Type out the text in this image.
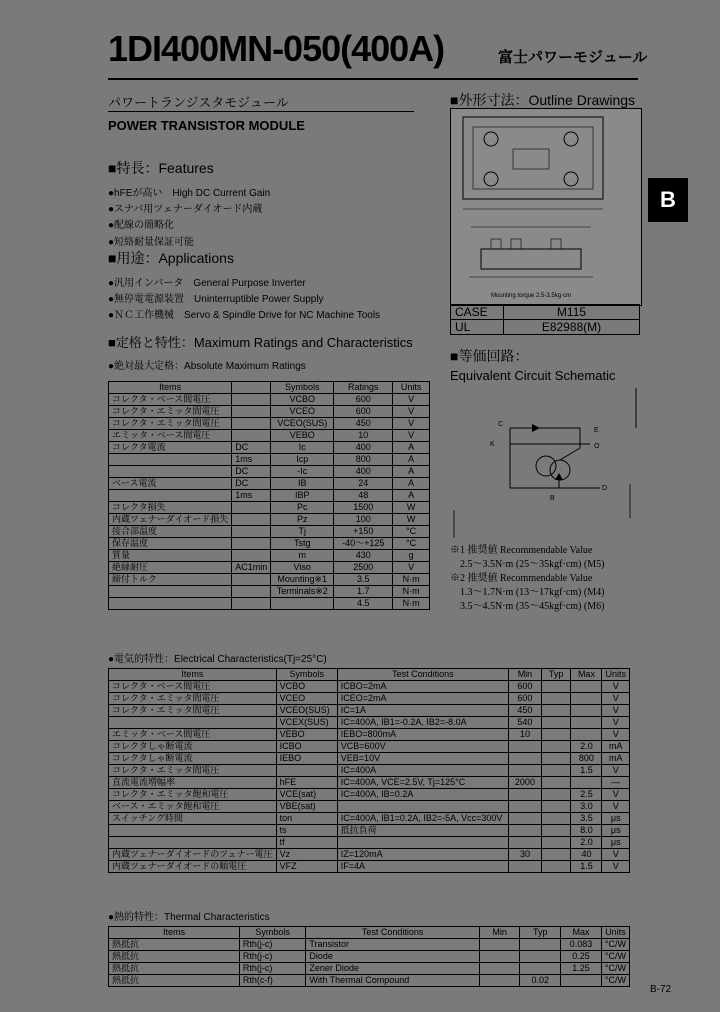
1DI400MN-050(400A)	富士パワーモジュール
パワートランジスタモジュール
POWER TRANSISTOR MODULE
■特長：Features
●hFEが高い　High DC Current Gain
●スナバ用ツェナーダイオード内蔵
●配線の簡略化
●短絡耐量保証可能
■用途：Applications
●汎用インバータ　General Purpose Inverter
●無停電電源装置　Uninterruptible Power Supply
●ＮＣ工作機械　Servo & Spindle Drive for NC Machine Tools
■定格と特性：Maximum Ratings and Characteristics
●絶対最大定格：Absolute Maximum Ratings
Items		Symbols	Ratings	Units
コレクタ・ベース間電圧		VCBO	600	V
コレクタ・エミッタ間電圧		VCEO	600	V
コレクタ・エミッタ間電圧		VCEO(SUS)	450	V
エミッタ・ベース間電圧		VEBO	10	V
コレクタ電流	DC	Ic	400	A
	1ms	Icp	800	A
	DC	-Ic	400	A
ベース電流	DC	IB	24	A
	1ms	IBP	48	A
コレクタ損失		Pc	1500	W
内蔵ツェナーダイオード損失		Pz	100	W
接合部温度		Tj	+150	°C
保存温度		Tstg	-40～+125	°C
質量		m	430	g
絶縁耐圧	AC1min	Viso	2500	V
締付トルク		Mounting※1	3.5	N·m
		Terminals※2	1.7	N·m
			4.5	N·m
■外形寸法：Outline Drawings
Mounting torque 2.5-3.5kg·cm
CASE	M115
UL	E82988(M)
■等価回路：
Equivalent Circuit Schematic
C
E
K	O
D
B
※1 推奨値 Recommendable Value
　2.5～3.5N·m (25～35kgf·cm) (M5)
※2 推奨値 Recommendable Value
　1.3～1.7N·m (13～17kgf·cm) (M4)
　3.5～4.5N·m (35～45kgf·cm) (M6)
B
●電気的特性：Electrical Characteristics(Tj=25°C)
Items	Symbols	Test Conditions	Min	Typ	Max	Units
コレクタ・ベース間電圧	VCBO	ICBO=2mA	600			V
コレクタ・エミッタ間電圧	VCEO	ICEO=2mA	600			V
コレクタ・エミッタ間電圧	VCEO(SUS)	IC=1A	450			V
	VCEX(SUS)	IC=400A, IB1=-0.2A, IB2=-8.0A	540			V
エミッタ・ベース間電圧	VEBO	IEBO=800mA	10			V
コレクタしゃ断電流	ICBO	VCB=600V			2.0	mA
コレクタしゃ断電流	IEBO	VEB=10V			800	mA
コレクタ・エミッタ間電圧		IC=400A			1.5	V
直流電流増幅率	hFE	IC=400A, VCE=2.5V, Tj=125°C	2000			—
コレクタ・エミッタ飽和電圧	VCE(sat)	IC=400A, IB=0.2A			2.5	V
ベース・エミッタ飽和電圧	VBE(sat)				3.0	V
スイッチング時間	ton	IC=400A, IB1=0.2A, IB2=-5A, Vcc=300V			3.5	μs
	ts	抵抗負荷			8.0	μs
	tf				2.0	μs
内蔵ツェナーダイオードのツェナー電圧	Vz	IZ=120mA	30		40	V
内蔵ツェナーダイオードの順電圧	VFZ	IF=4A			1.5	V
●熱的特性：Thermal Characteristics
Items	Symbols	Test Conditions	Min	Typ	Max	Units
熱抵抗	Rth(j-c)	Transistor			0.083	°C/W
熱抵抗	Rth(j-c)	Diode			0.25	°C/W
熱抵抗	Rth(j-c)	Zener Diode			1.25	°C/W
熱抵抗	Rth(c-f)	With Thermal Compound		0.02		°C/W
B-72
